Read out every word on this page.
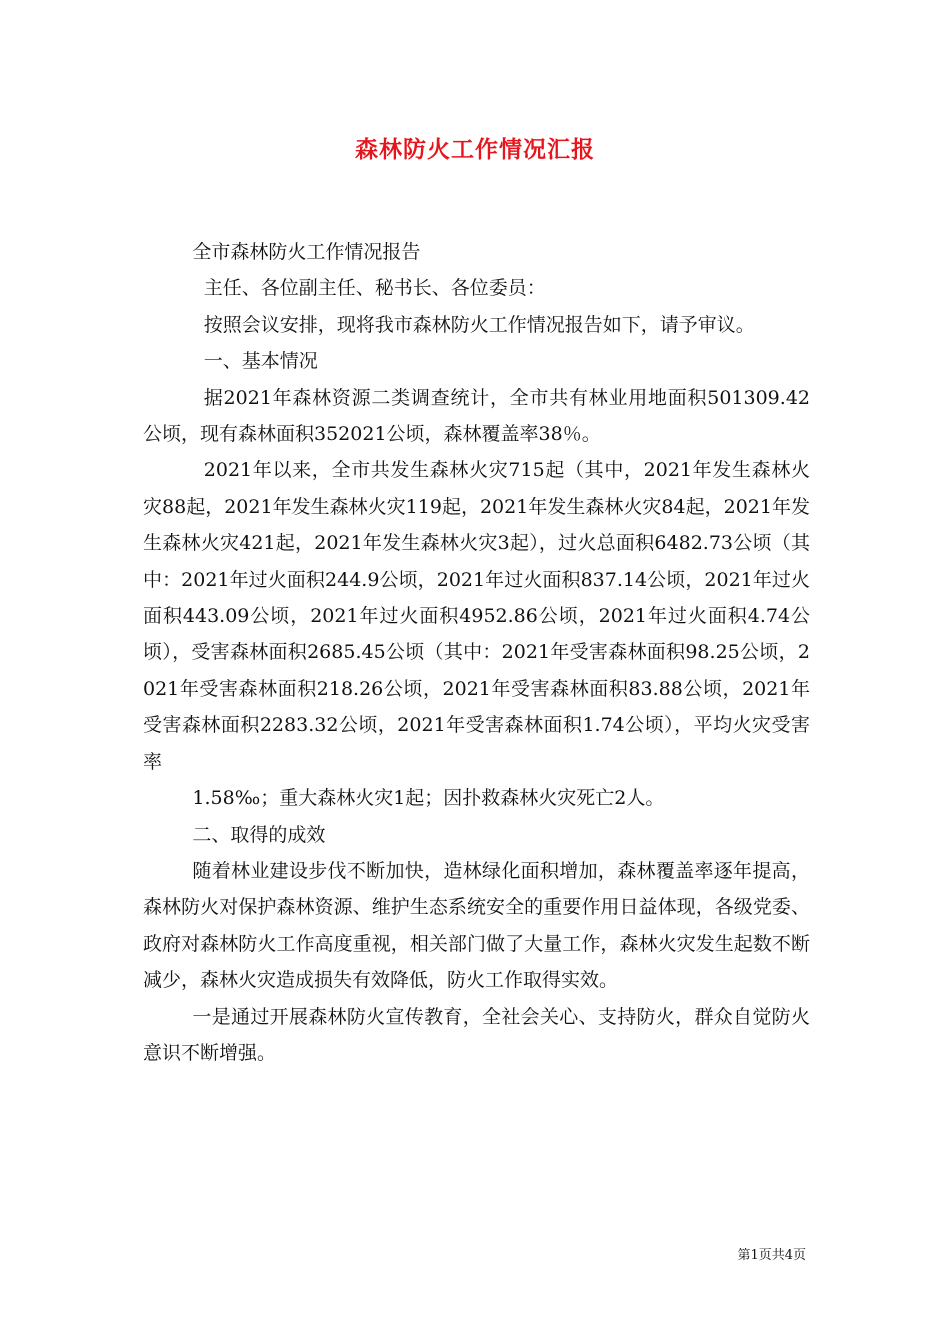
森林防火工作情况汇报

全市森林防火工作情况报告

主任、各位副主任、秘书长、各位委员：

按照会议安排，现将我市森林防火工作情况报告如下，请予审议。

一、基本情况

据2021年森林资源二类调查统计，全市共有林业用地面积501309.42公顷，现有森林面积352021公顷，森林覆盖率38％。

2021年以来，全市共发生森林火灾715起（其中，2021年发生森林火灾88起，2021年发生森林火灾119起，2021年发生森林火灾84起，2021年发生森林火灾421起，2021年发生森林火灾3起），过火总面积6482.73公顷（其中：2021年过火面积244.9公顷，2021年过火面积837.14公顷，2021年过火面积443.09公顷，2021年过火面积4952.86公顷，2021年过火面积4.74公顷），受害森林面积2685.45公顷（其中：2021年受害森林面积98.25公顷，2021年受害森林面积218.26公顷，2021年受害森林面积83.88公顷，2021年受害森林面积2283.32公顷，2021年受害森林面积1.74公顷），平均火灾受害率

1.58‰；重大森林火灾1起；因扑救森林火灾死亡2人。

二、取得的成效

随着林业建设步伐不断加快，造林绿化面积增加，森林覆盖率逐年提高，森林防火对保护森林资源、维护生态系统安全的重要作用日益体现，各级党委、政府对森林防火工作高度重视，相关部门做了大量工作，森林火灾发生起数不断减少，森林火灾造成损失有效降低，防火工作取得实效。

一是通过开展森林防火宣传教育，全社会关心、支持防火，群众自觉防火意识不断增强。

第1页共4页
